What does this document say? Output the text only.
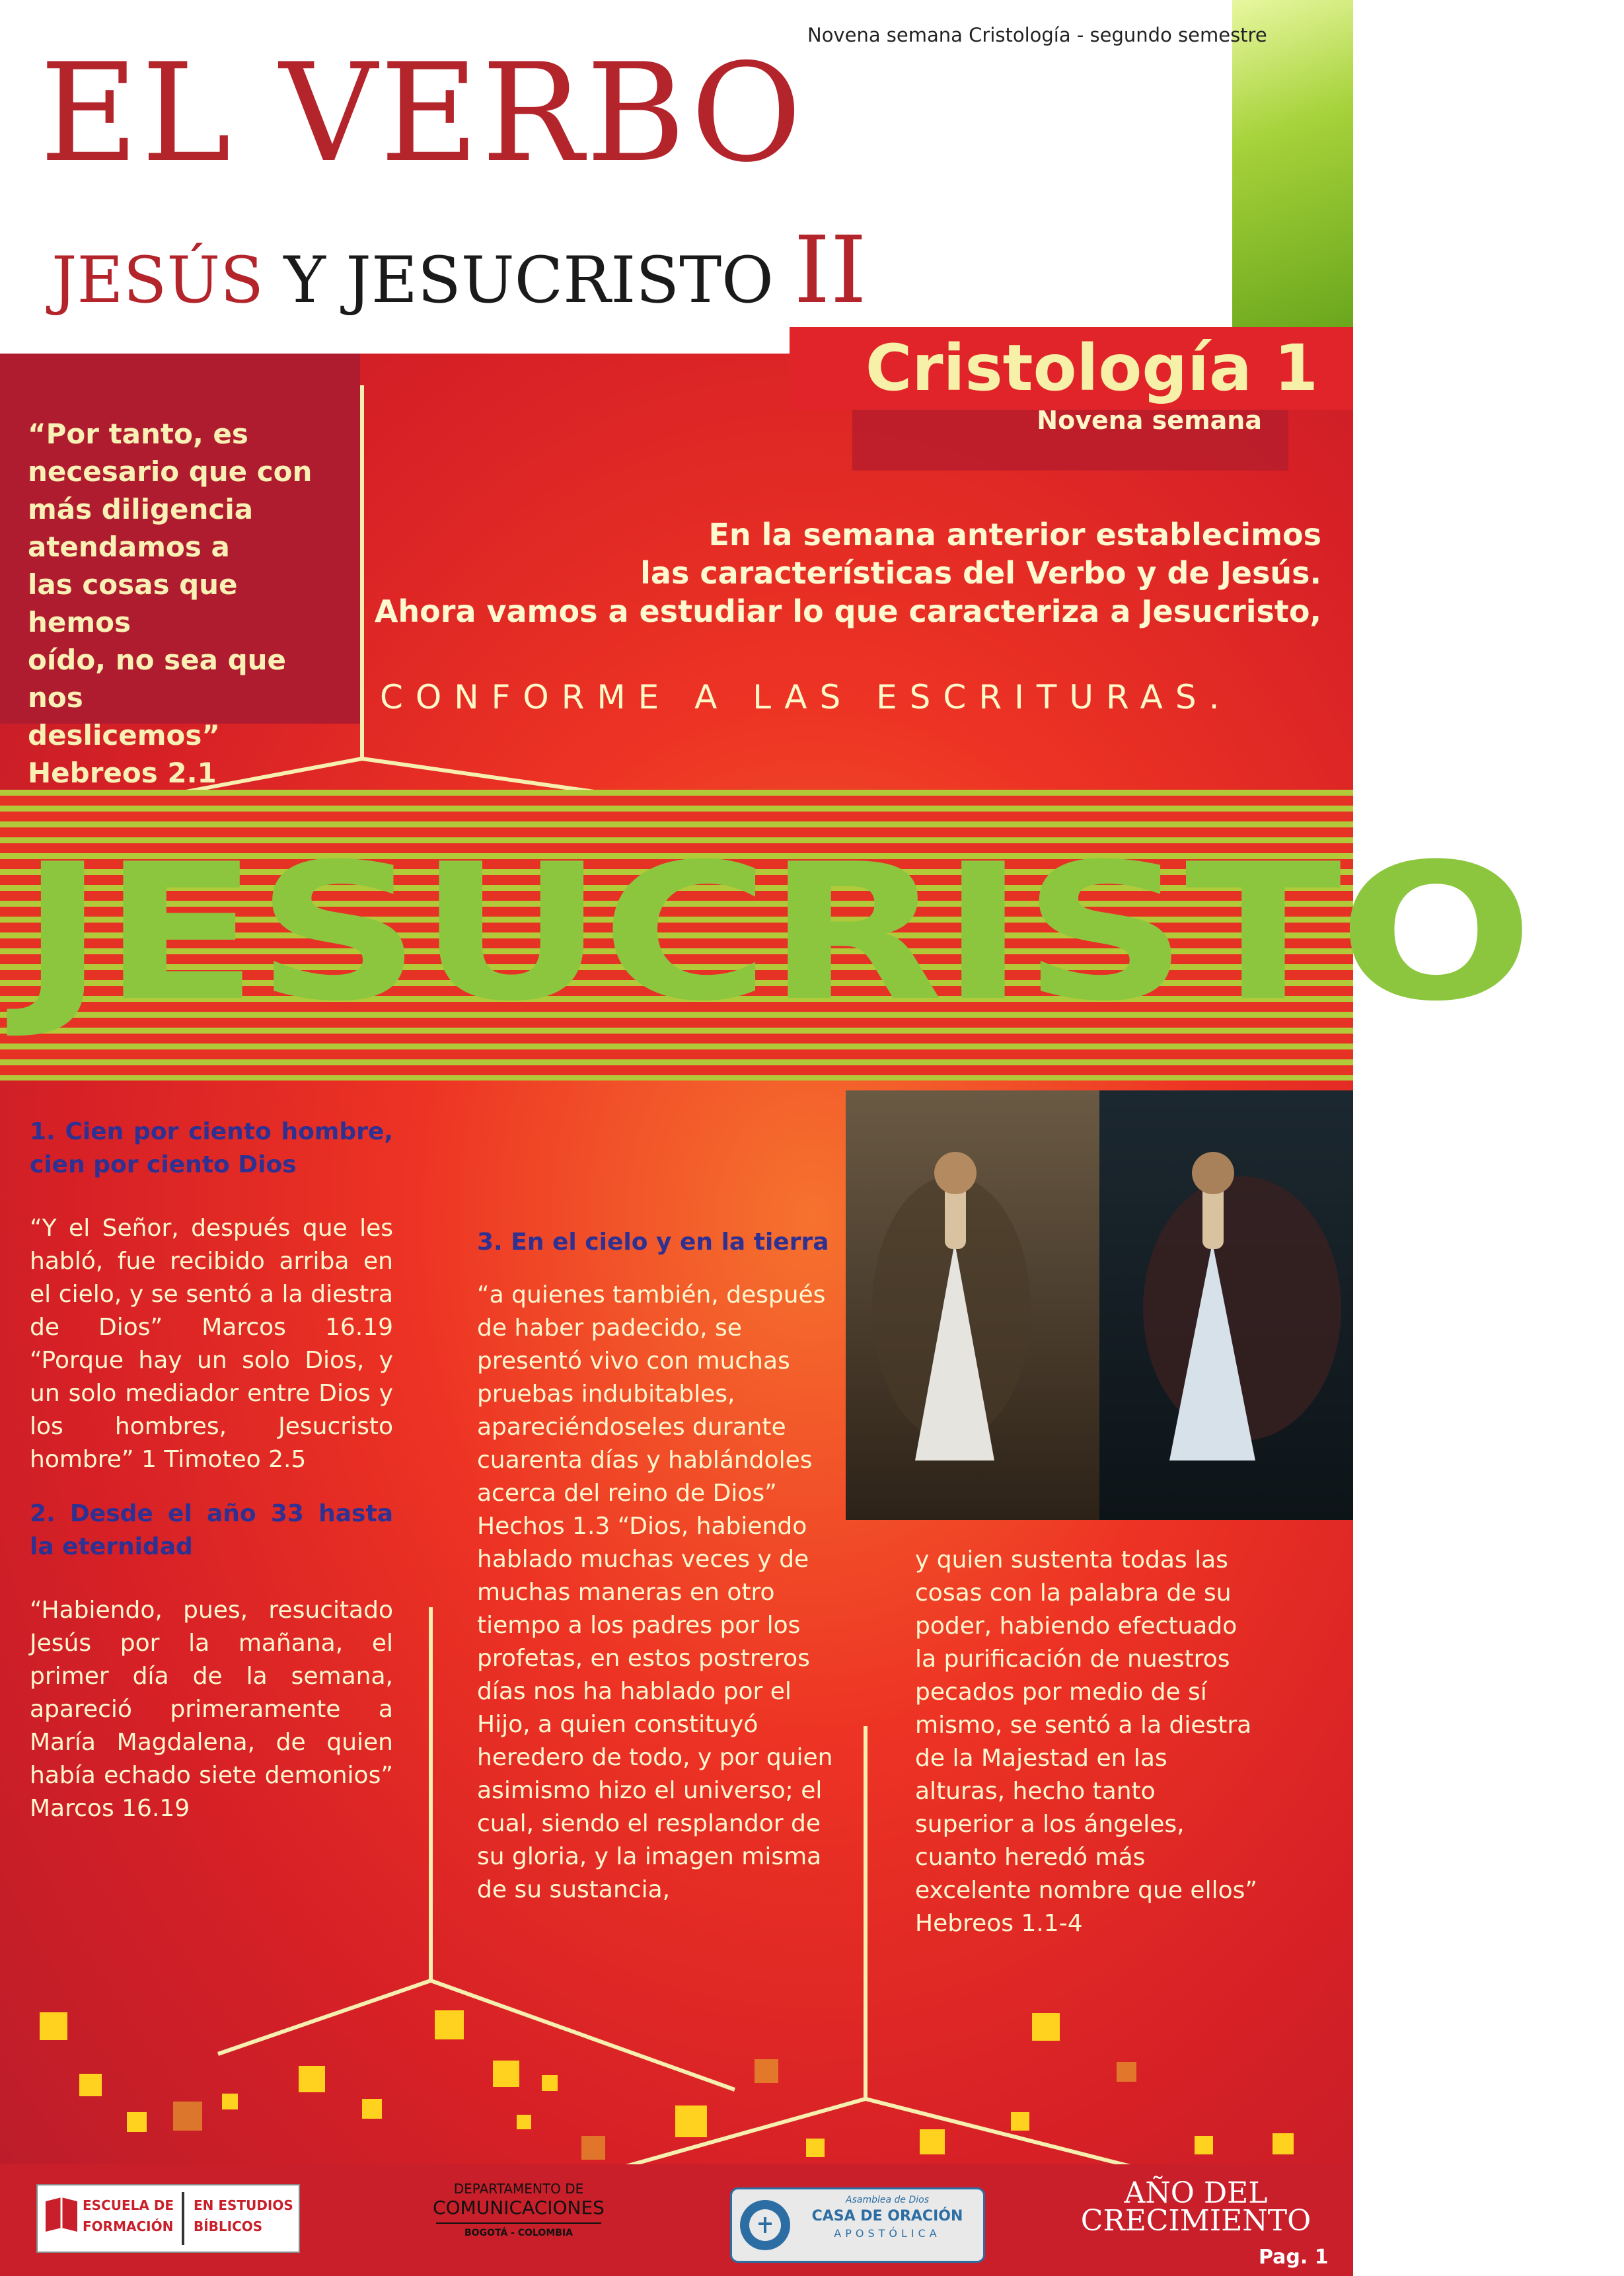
Novena semana Cristología - segundo semestre
EL VERBO
JESÚS Y JESUCRISTO II
Cristología 1
Novena semana
“Por tanto, es
necesario que con
más diligencia
atendamos a
las cosas que hemos
oído, no sea que nos
deslicemos”
Hebreos 2.1
En la semana anterior establecimos
las características del Verbo y de Jesús.
Ahora vamos a estudiar lo que caracteriza a Jesucristo,
CONFORME A LAS ESCRITURAS.
JESUCRISTO
1. Cien por ciento hombre, cien por ciento Dios
“Y el Señor, después que les habló, fue recibido arriba en el cielo, y se sentó a la diestra de Dios” Marcos 16.19 “Porque hay un solo Dios, y un solo mediador entre Dios y los hombres, Jesucristo hombre” 1 Timoteo 2.5
2. Desde el año 33 hasta la eternidad
“Habiendo, pues, resucitado Jesús por la mañana, el primer día de la semana, apareció primeramente a María Magdalena, de quien había echado siete demonios” Marcos 16.19
3. En el cielo y en la tierra
“a quienes también, después de haber padecido, se presentó vivo con muchas pruebas indubitables, apareciéndoseles durante cuarenta días y hablándoles acerca del reino de Dios” Hechos 1.3 “Dios, habiendo hablado muchas veces y de muchas maneras en otro tiempo a los padres por los profetas, en estos postreros días nos ha hablado por el Hijo, a quien constituyó heredero de todo, y por quien asimismo hizo el universo; el cual, siendo el resplandor de su gloria, y la imagen misma de su sustancia,
y quien sustenta todas las cosas con la palabra de su poder, habiendo efectuado la purificación de nuestros pecados por medio de sí mismo, se sentó a la diestra de la Majestad en las alturas, hecho tanto superior a los ángeles, cuanto heredó más excelente nombre que ellos” Hebreos 1.1-4
ESCUELA DE
FORMACIÓN
EN ESTUDIOS
BÍBLICOS
DEPARTAMENTO DE
COMUNICACIONES
BOGOTÁ - COLOMBIA
Asamblea de Dios
CASA DE ORACIÓN
APOSTÓLICA
AÑO DEL
CRECIMIENTO
Pag. 1
